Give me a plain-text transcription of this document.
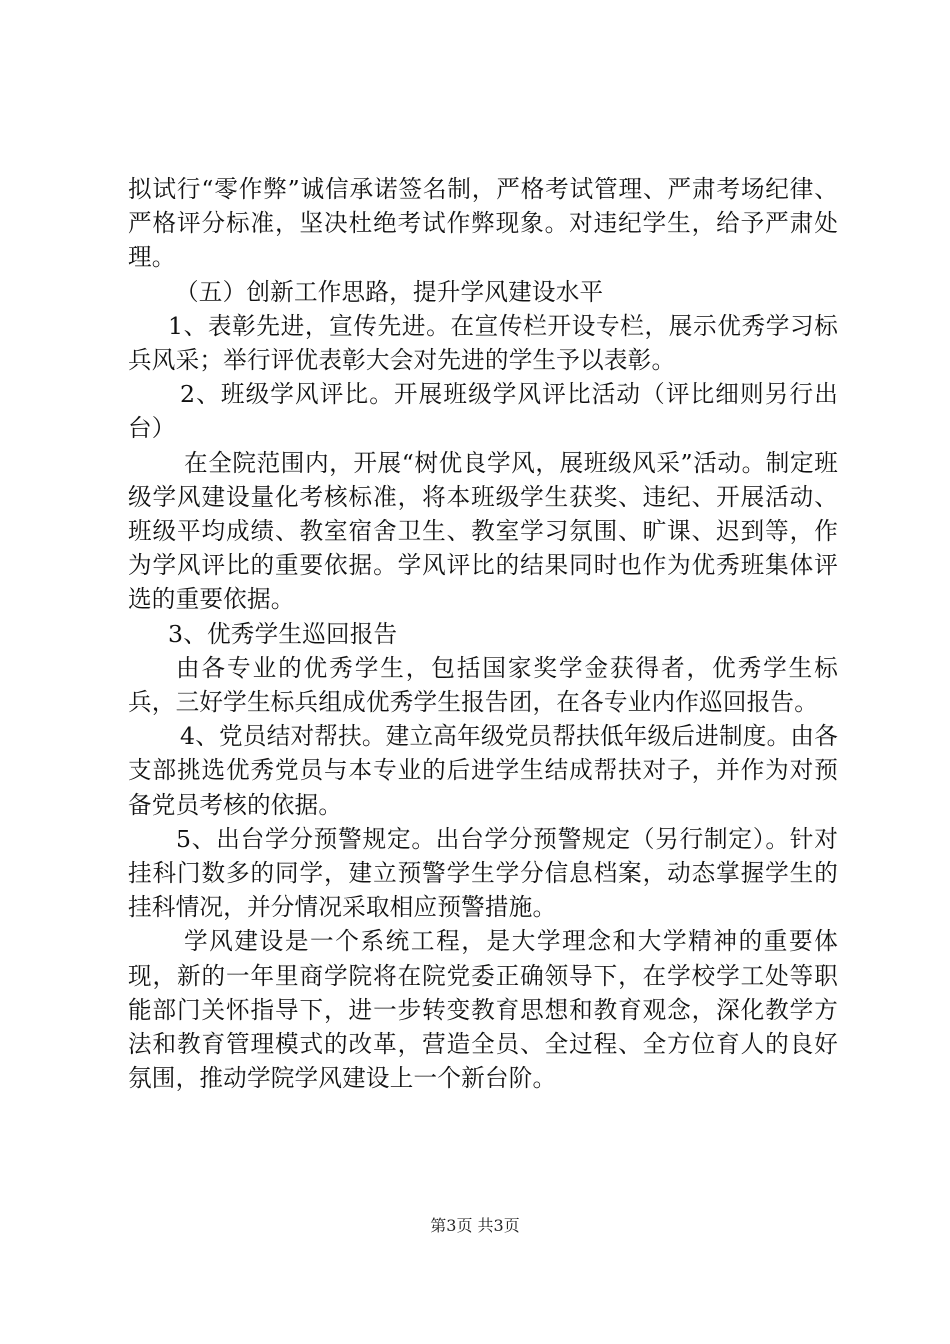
拟试行“零作弊”诚信承诺签名制，严格考试管理、严肃考场纪律、严格评分标准，坚决杜绝考试作弊现象。对违纪学生，给予严肃处理。

（五）创新工作思路，提升学风建设水平

1、表彰先进，宣传先进。在宣传栏开设专栏，展示优秀学习标兵风采；举行评优表彰大会对先进的学生予以表彰。

2、班级学风评比。开展班级学风评比活动（评比细则另行出台）

在全院范围内，开展“树优良学风，展班级风采”活动。制定班级学风建设量化考核标准，将本班级学生获奖、违纪、开展活动、班级平均成绩、教室宿舍卫生、教室学习氛围、旷课、迟到等，作为学风评比的重要依据。学风评比的结果同时也作为优秀班集体评选的重要依据。

3、优秀学生巡回报告

由各专业的优秀学生，包括国家奖学金获得者，优秀学生标兵，三好学生标兵组成优秀学生报告团，在各专业内作巡回报告。

4、党员结对帮扶。建立高年级党员帮扶低年级后进制度。由各支部挑选优秀党员与本专业的后进学生结成帮扶对子，并作为对预备党员考核的依据。

5、出台学分预警规定。出台学分预警规定（另行制定）。针对挂科门数多的同学，建立预警学生学分信息档案，动态掌握学生的挂科情况，并分情况采取相应预警措施。

学风建设是一个系统工程，是大学理念和大学精神的重要体现，新的一年里商学院将在院党委正确领导下，在学校学工处等职能部门关怀指导下，进一步转变教育思想和教育观念，深化教学方法和教育管理模式的改革，营造全员、全过程、全方位育人的良好氛围，推动学院学风建设上一个新台阶。

第3页 共3页
